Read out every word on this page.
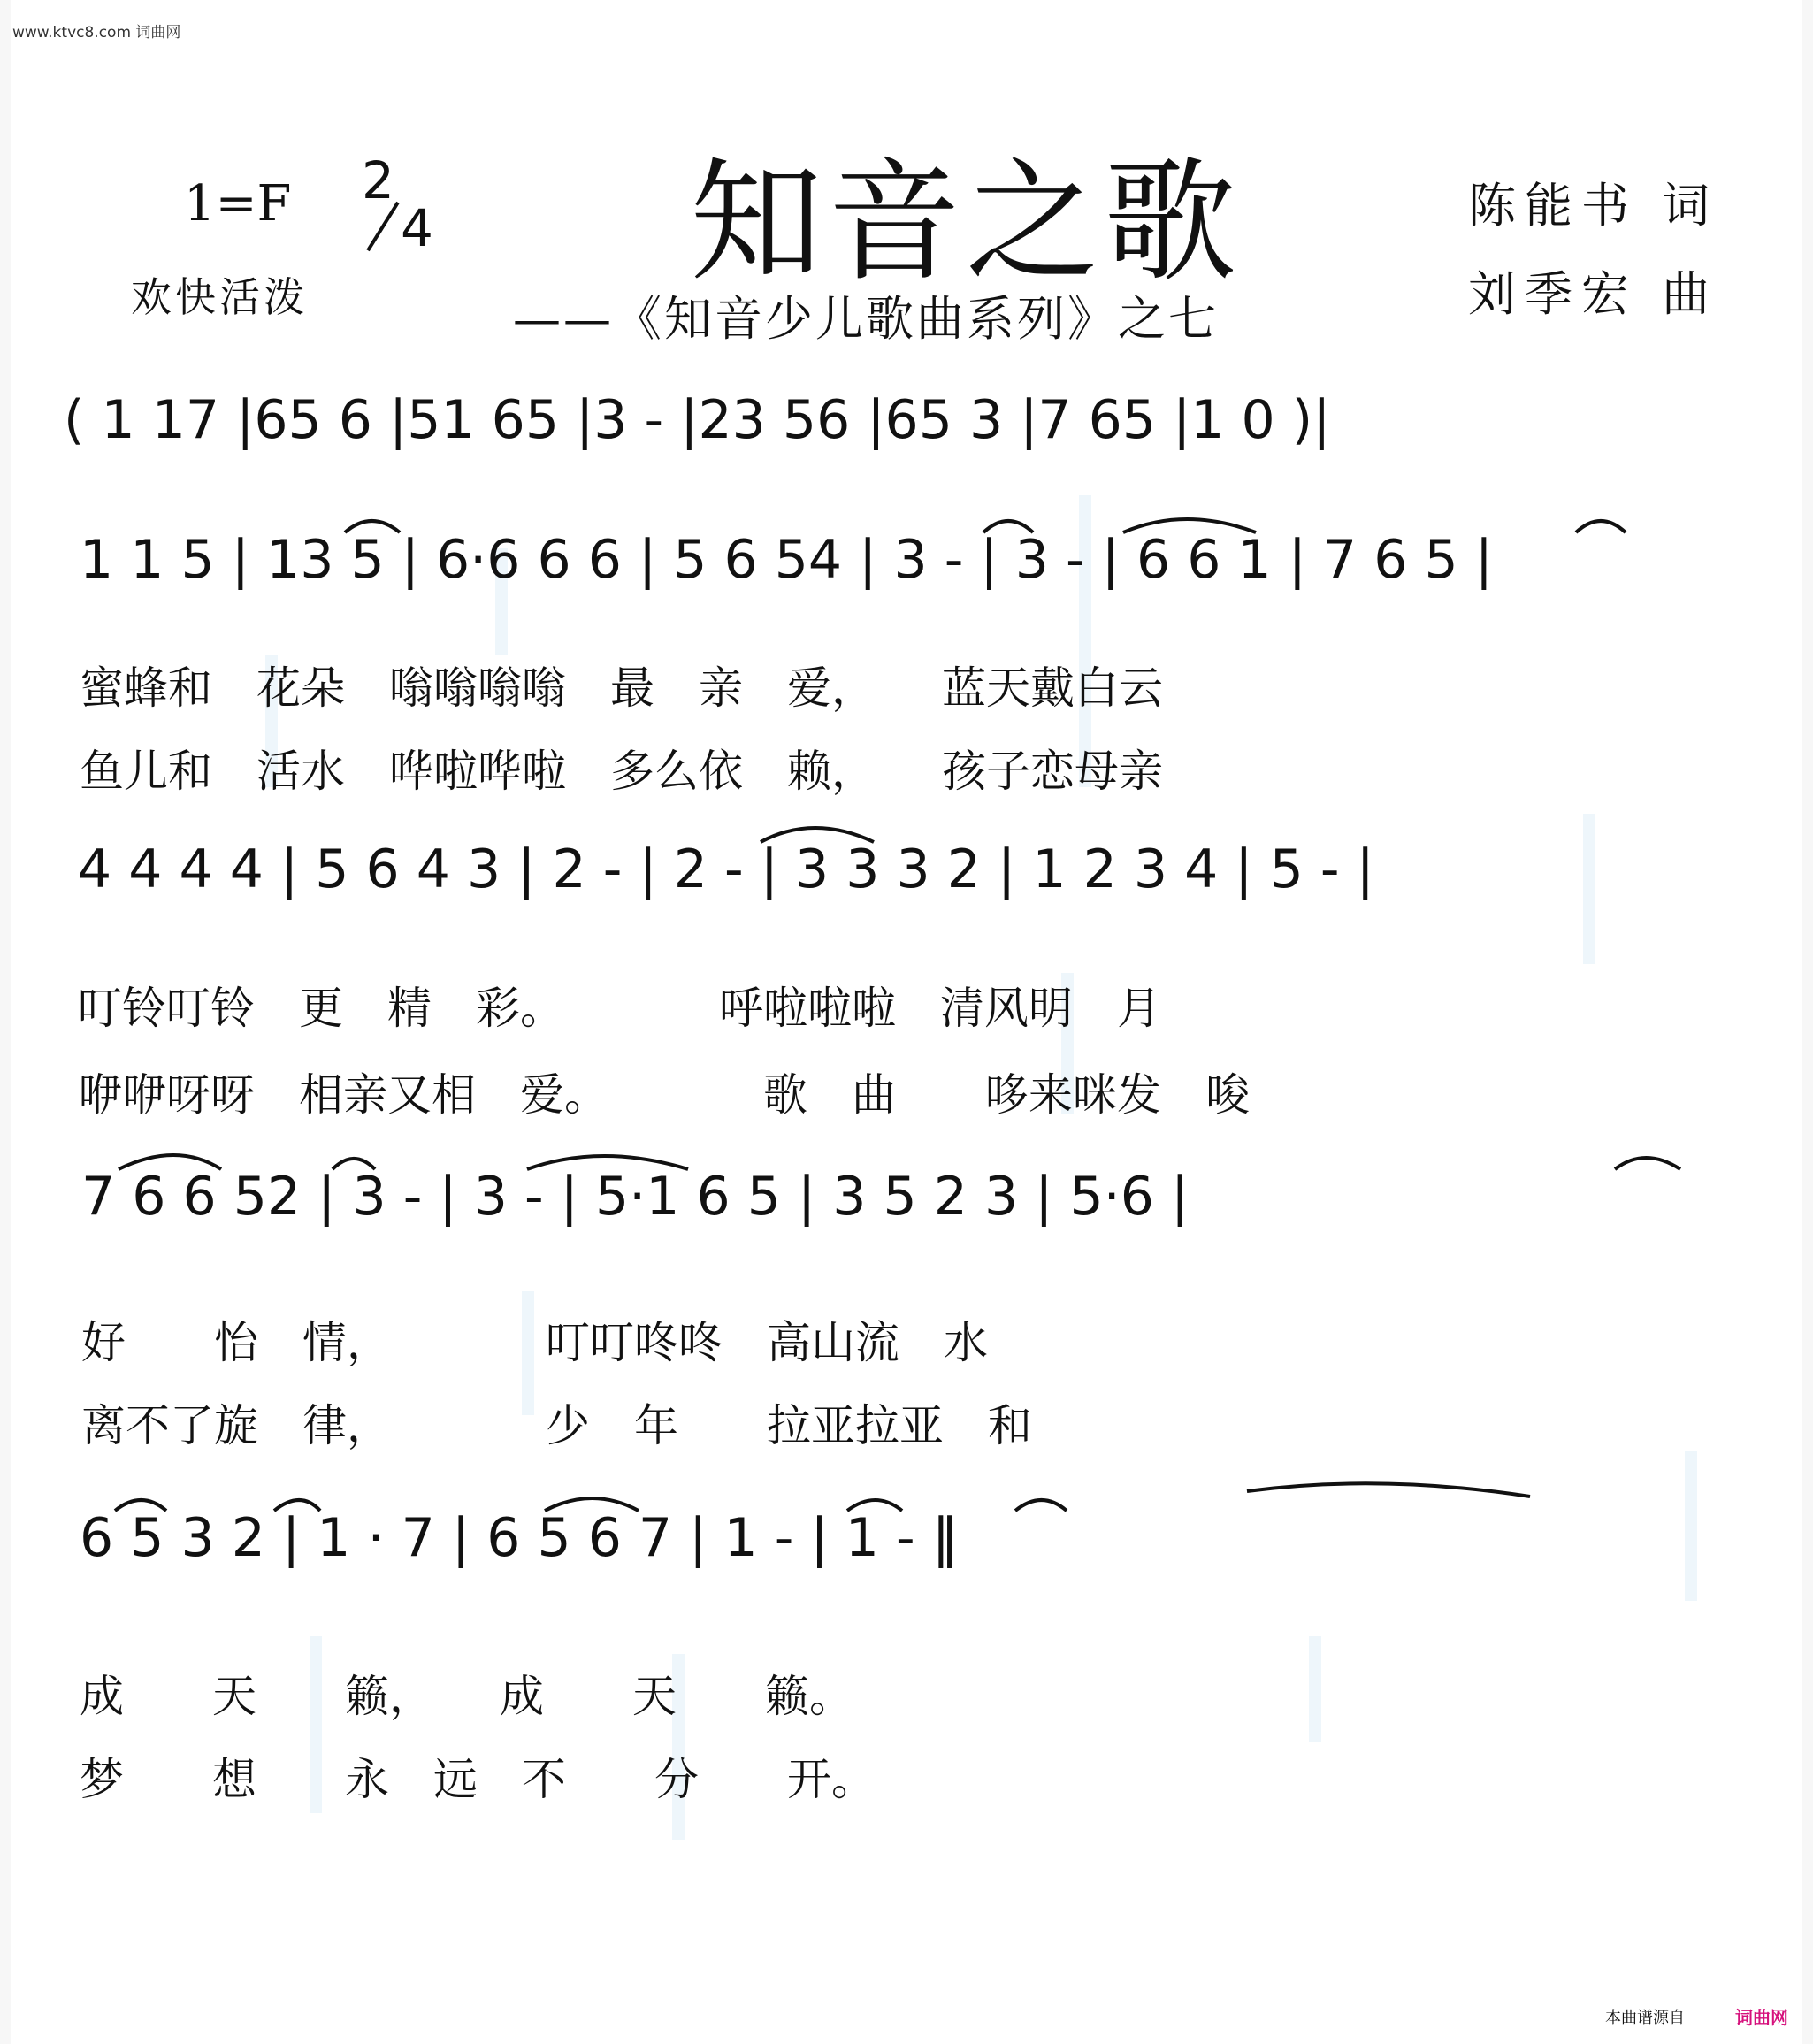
www.ktvc8.com 词曲网
1=F 2
4 知音之歌
——《知音少儿歌曲系列》之七
欢快活泼
陈能书 词
刘季宏 曲
( 1 17 |65 6 |51 65 |3 - |23 56 |65 3 |7 65 |1 0 )|
1 1 5 | 13 5 | 6·6 6 6 | 5 6 54 | 3 - | 3 - | 6 6 1 | 7 6 5 |
蜜蜂和　花朵　嗡嗡嗡嗡　最　亲　爱，　　蓝天戴白云
鱼儿和　活水　哗啦哗啦　多么依　赖，　　孩子恋母亲
4 4 4 4 | 5 6 4 3 | 2 - | 2 - | 3 3 3 2 | 1 2 3 4 | 5 - |
叮铃叮铃　更　精　彩。　　　　呼啦啦啦　清风明　月
咿咿呀呀　相亲又相　爱。　　　　歌　曲　　哆来咪发　唆
7 6 6 52 | 3 - | 3 - | 5·1 6 5 | 3 5 2 3 | 5·6 |
好　　怡　情，　　　　叮叮咚咚　高山流　水
离不了旋　律，　　　　少　年　　拉亚拉亚　和
6 5 3 2 | 1 · 7 | 6 5 6 7 | 1 - | 1 - ‖
成　　天　　籁，　　成　　天　　籁。
梦　　想　　永　远　不　　分　　开。
本曲谱源自	词曲网
